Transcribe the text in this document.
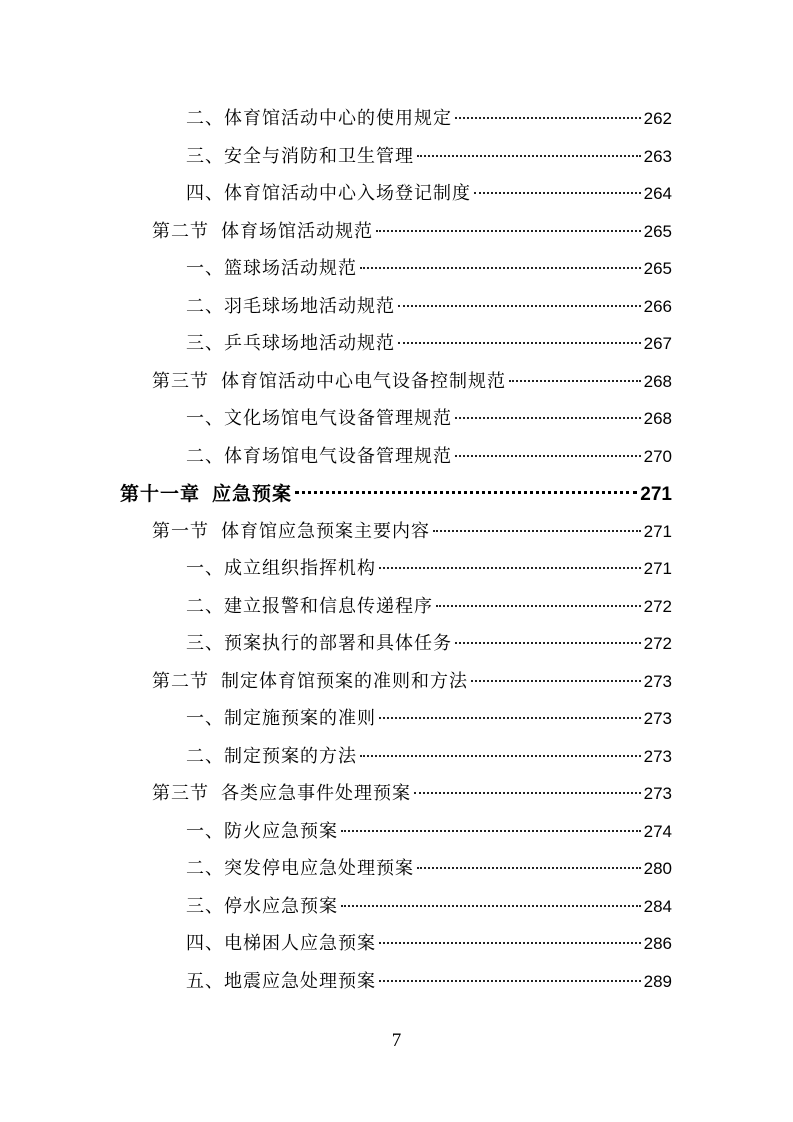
二、体育馆活动中心的使用规定	262
三、安全与消防和卫生管理	263
四、体育馆活动中心入场登记制度	264
第二节 体育场馆活动规范	265
一、篮球场活动规范	265
二、羽毛球场地活动规范	266
三、乒乓球场地活动规范	267
第三节 体育馆活动中心电气设备控制规范	268
一、文化场馆电气设备管理规范	268
二、体育场馆电气设备管理规范	270
第十一章 应急预案	271
第一节 体育馆应急预案主要内容	271
一、成立组织指挥机构	271
二、建立报警和信息传递程序	272
三、预案执行的部署和具体任务	272
第二节 制定体育馆预案的准则和方法	273
一、制定施预案的准则	273
二、制定预案的方法	273
第三节 各类应急事件处理预案	273
一、防火应急预案	274
二、突发停电应急处理预案	280
三、停水应急预案	284
四、电梯困人应急预案	286
五、地震应急处理预案	289
7
